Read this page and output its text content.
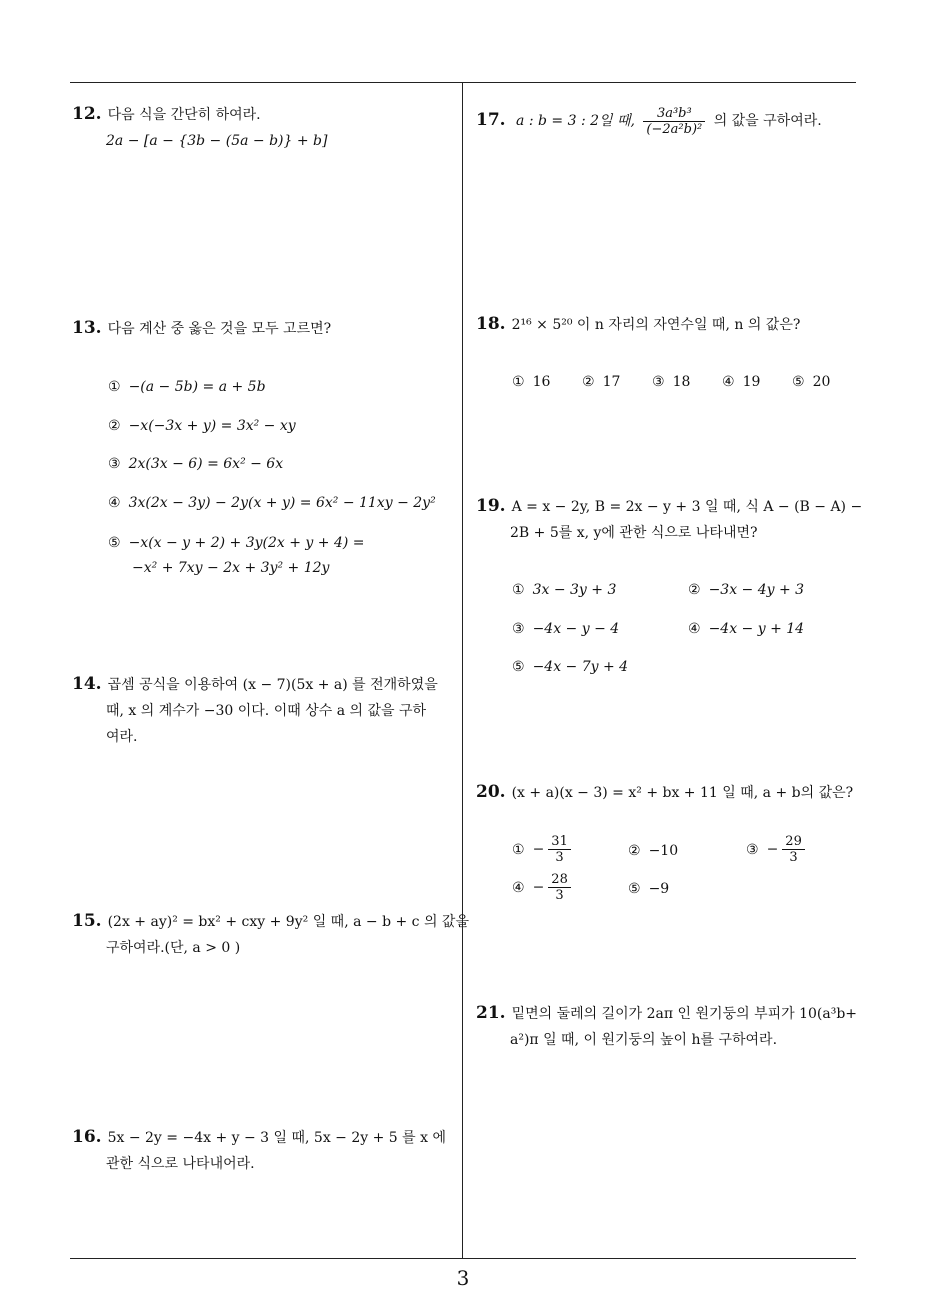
12. 다음 식을 간단히 하여라.
2a − [a − {3b − (5a − b)} + b]
13. 다음 계산 중 옳은 것을 모두 고르면?
① −(a − 5b) = a + 5b
② −x(−3x + y) = 3x² − xy
③ 2x(3x − 6) = 6x² − 6x
④ 3x(2x − 3y) − 2y(x + y) = 6x² − 11xy − 2y²
⑤ −x(x − y + 2) + 3y(2x + y + 4) =
−x² + 7xy − 2x + 3y² + 12y
14. 곱셈 공식을 이용하여 (x − 7)(5x + a) 를 전개하였을
때, x 의 계수가 −30 이다. 이때 상수 a 의 값을 구하
여라.
15. (2x + ay)² = bx² + cxy + 9y² 일 때, a − b + c 의 값을
구하여라.(단, a > 0 )
16. 5x − 2y = −4x + y − 3 일 때, 5x − 2y + 5 를 x 에
관한 식으로 나타내어라.
17. a : b = 3 : 2일 때, $\frac{\text{3a³b³}}{\text{(−2a²b)²}}$ 의 값을 구하여라.
18. 2¹⁶ × 5²⁰ 이 n 자리의 자연수일 때, n 의 값은?
① 16 ② 17 ③ 18 ④ 19 ⑤ 20
19. A = x − 2y, B = 2x − y + 3 일 때, 식 A − (B − A) −
2B + 5를 x, y에 관한 식으로 나타내면?
① 3x − 3y + 3	② −3x − 4y + 3
③ −4x − y − 4	④ −4x − y + 14
⑤ −4x − 7y + 4
20. (x + a)(x − 3) = x² + bx + 11 일 때, a + b의 값은?
① − $\frac{31}{3}$	② −10	③ − $\frac{29}{3}$
④ − $\frac{28}{3}$	⑤ −9
21. 밑면의 둘레의 길이가 2aπ 인 원기둥의 부피가 10(a³b+
a²)π 일 때, 이 원기둥의 높이 h를 구하여라.
3
